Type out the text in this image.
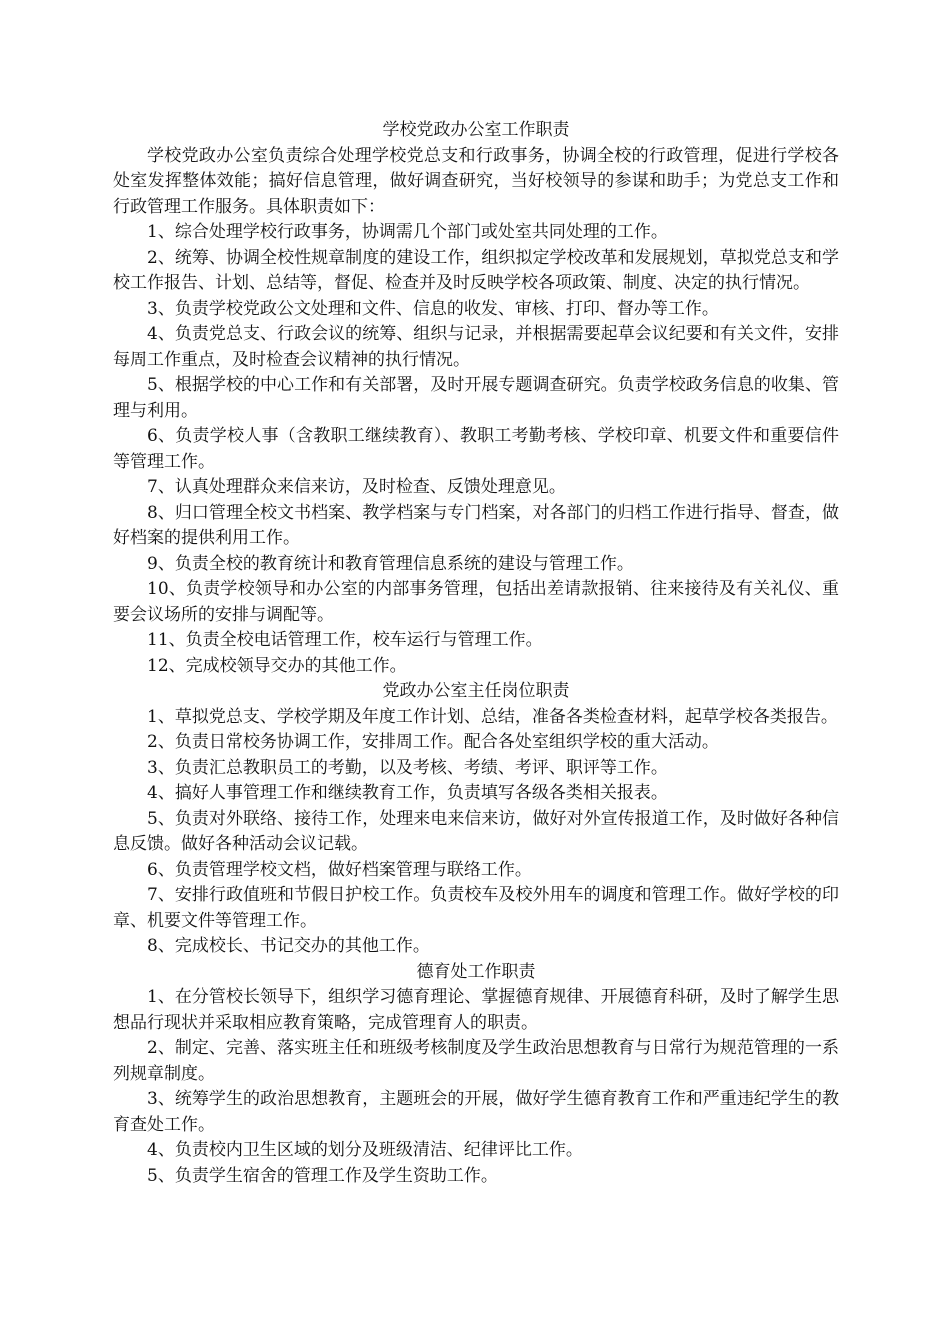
学校党政办公室工作职责

学校党政办公室负责综合处理学校党总支和行政事务，协调全校的行政管理，促进行学校各处室发挥整体效能；搞好信息管理，做好调查研究，当好校领导的参谋和助手；为党总支工作和行政管理工作服务。具体职责如下：

1、综合处理学校行政事务，协调需几个部门或处室共同处理的工作。

2、统筹、协调全校性规章制度的建设工作，组织拟定学校改革和发展规划，草拟党总支和学校工作报告、计划、总结等，督促、检查并及时反映学校各项政策、制度、决定的执行情况。

3、负责学校党政公文处理和文件、信息的收发、审核、打印、督办等工作。

4、负责党总支、行政会议的统筹、组织与记录，并根据需要起草会议纪要和有关文件，安排每周工作重点，及时检查会议精神的执行情况。

5、根据学校的中心工作和有关部署，及时开展专题调查研究。负责学校政务信息的收集、管理与利用。

6、负责学校人事（含教职工继续教育）、教职工考勤考核、学校印章、机要文件和重要信件等管理工作。

7、认真处理群众来信来访，及时检查、反馈处理意见。

8、归口管理全校文书档案、教学档案与专门档案，对各部门的归档工作进行指导、督查，做好档案的提供利用工作。

9、负责全校的教育统计和教育管理信息系统的建设与管理工作。

10、负责学校领导和办公室的内部事务管理，包括出差请款报销、往来接待及有关礼仪、重要会议场所的安排与调配等。

11、负责全校电话管理工作，校车运行与管理工作。

12、完成校领导交办的其他工作。

党政办公室主任岗位职责

1、草拟党总支、学校学期及年度工作计划、总结，准备各类检查材料，起草学校各类报告。

2、负责日常校务协调工作，安排周工作。配合各处室组织学校的重大活动。

3、负责汇总教职员工的考勤，以及考核、考绩、考评、职评等工作。

4、搞好人事管理工作和继续教育工作，负责填写各级各类相关报表。

5、负责对外联络、接待工作，处理来电来信来访，做好对外宣传报道工作，及时做好各种信息反馈。做好各种活动会议记载。

6、负责管理学校文档，做好档案管理与联络工作。

7、安排行政值班和节假日护校工作。负责校车及校外用车的调度和管理工作。做好学校的印章、机要文件等管理工作。

8、完成校长、书记交办的其他工作。

德育处工作职责

1、在分管校长领导下，组织学习德育理论、掌握德育规律、开展德育科研，及时了解学生思想品行现状并采取相应教育策略，完成管理育人的职责。

2、制定、完善、落实班主任和班级考核制度及学生政治思想教育与日常行为规范管理的一系列规章制度。

3、统筹学生的政治思想教育，主题班会的开展，做好学生德育教育工作和严重违纪学生的教育查处工作。

4、负责校内卫生区域的划分及班级清洁、纪律评比工作。

5、负责学生宿舍的管理工作及学生资助工作。
